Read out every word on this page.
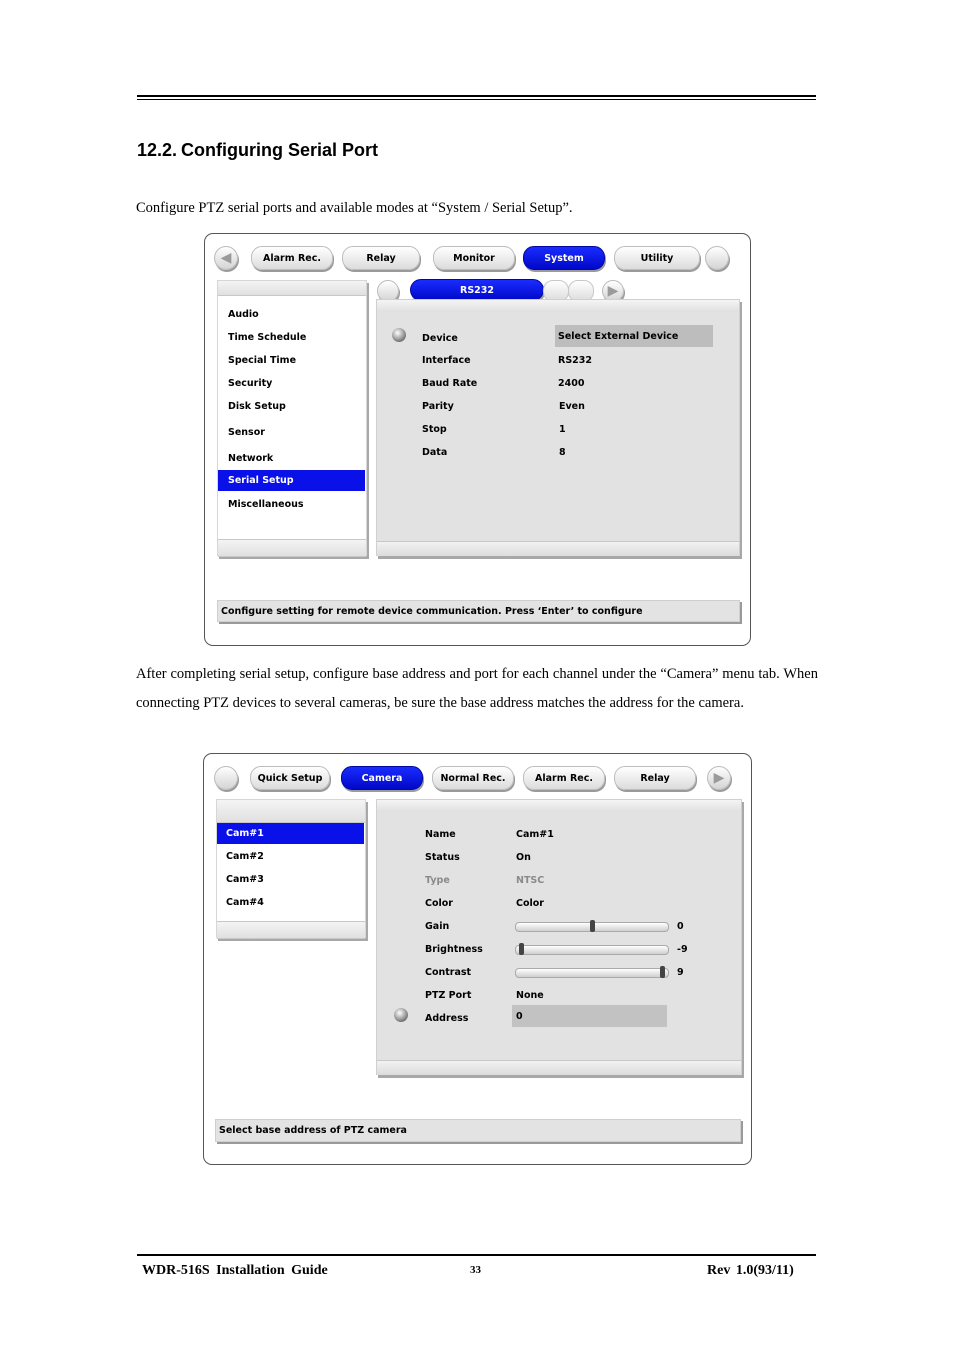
12.2. Configuring Serial Port
Configure PTZ serial ports and available modes at “System / Serial Setup”.
◀	Alarm Rec.	Relay	Monitor	System	Utility
RS232	▶
Audio
Time Schedule
Special Time
Security
Disk Setup
Sensor
Network
Serial Setup
Miscellaneous
Device	Select External Device
Interface	RS232
Baud Rate	2400
Parity	Even
Stop	1
Data	8
Configure setting for remote device communication. Press ‘Enter’ to configure
After completing serial setup, configure base address and port for each channel under the “Camera” menu tab. When connecting PTZ devices to several cameras, be sure the base address matches the address for the camera.
Quick Setup	Camera	Normal Rec.	Alarm Rec.	Relay	▶
Cam#1
Cam#2
Cam#3
Cam#4
Name	Cam#1
Status	On
Type	NTSC
Color	Color
Gain	0
Brightness	-9
Contrast	9
PTZ Port	None
Address	0
Select base address of PTZ camera
WDR-516S Installation Guide	33	Rev 1.0(93/11)
